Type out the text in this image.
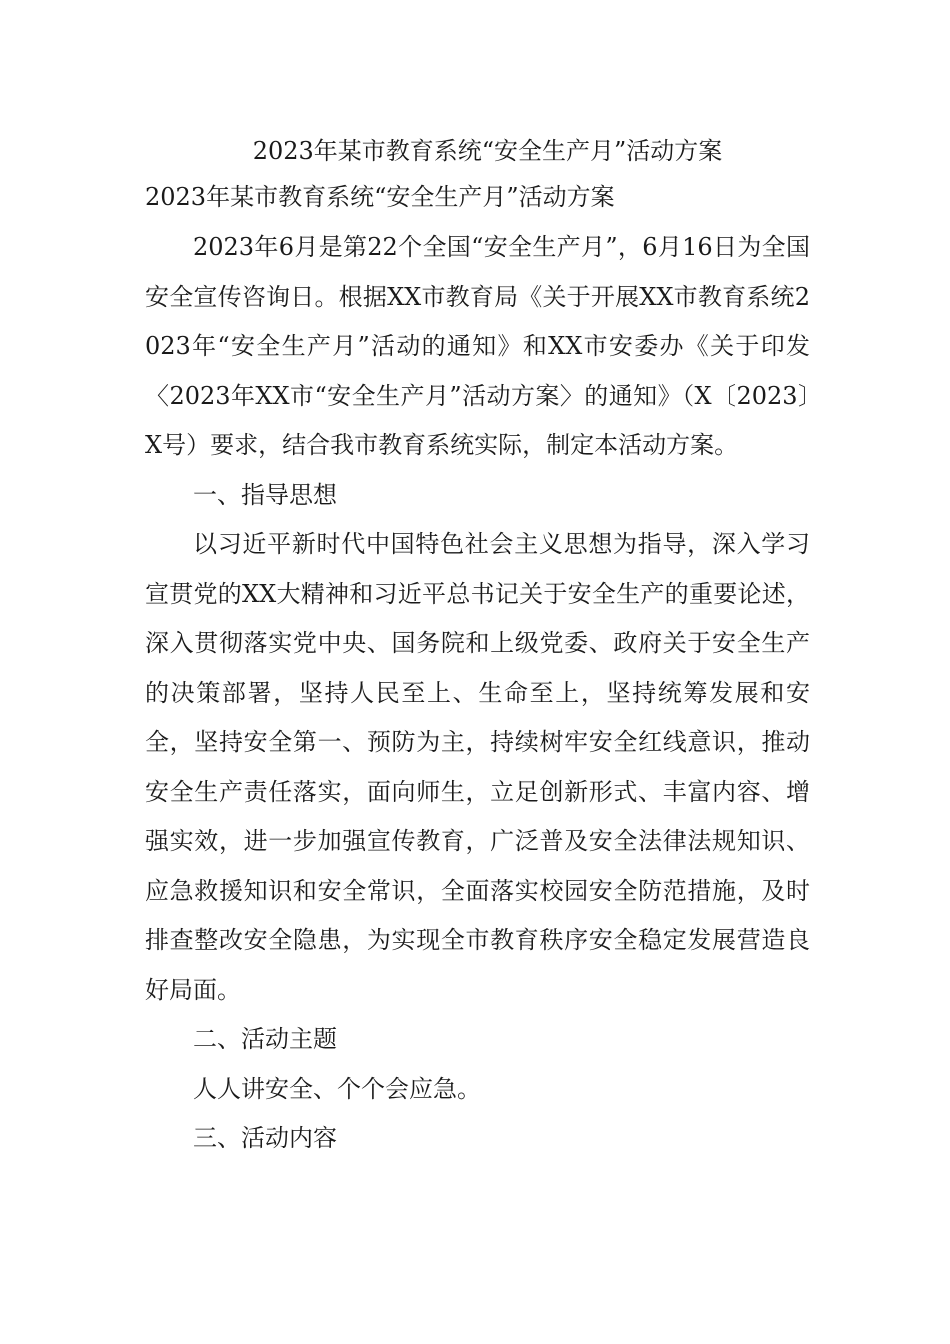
2023年某市教育系统“安全生产月”活动方案
2023年某市教育系统“安全生产月”活动方案

2023年6月是第22个全国“安全生产月”，6月16日为全国安全宣传咨询日。根据XX市教育局《关于开展XX市教育系统2023年“安全生产月”活动的通知》和XX市安委办《关于印发〈2023年XX市“安全生产月”活动方案〉的通知》（X〔2023〕X号）要求，结合我市教育系统实际，制定本活动方案。

一、指导思想

以习近平新时代中国特色社会主义思想为指导，深入学习宣贯党的XX大精神和习近平总书记关于安全生产的重要论述，深入贯彻落实党中央、国务院和上级党委、政府关于安全生产的决策部署，坚持人民至上、生命至上，坚持统筹发展和安全，坚持安全第一、预防为主，持续树牢安全红线意识，推动安全生产责任落实，面向师生，立足创新形式、丰富内容、增强实效，进一步加强宣传教育，广泛普及安全法律法规知识、应急救援知识和安全常识，全面落实校园安全防范措施，及时排查整改安全隐患，为实现全市教育秩序安全稳定发展营造良好局面。

二、活动主题

人人讲安全、个个会应急。

三、活动内容
